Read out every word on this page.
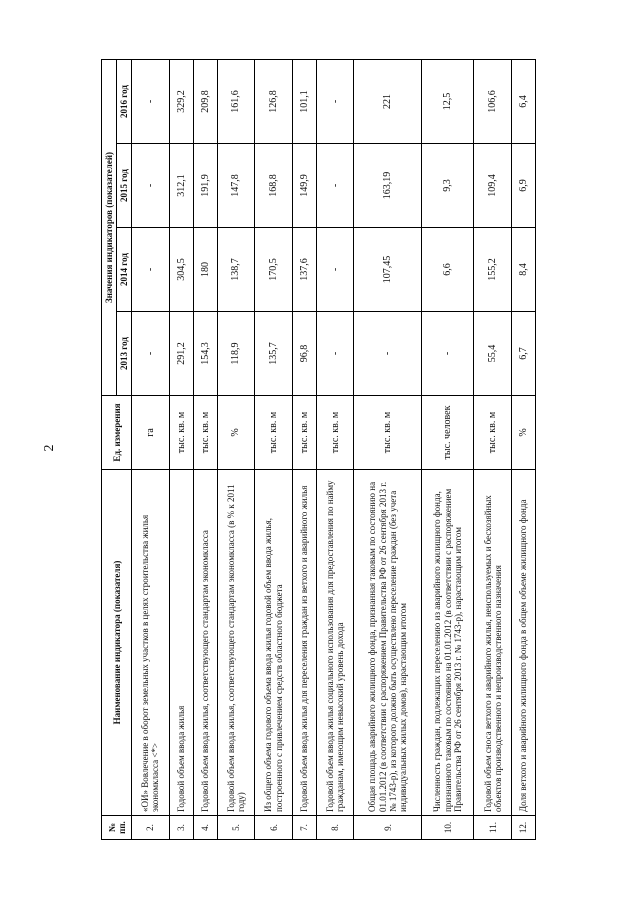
2
№ пп.	Наименование индикатора (показателя)	Ед. измерения	Значения индикаторов (показателей)			
			2013 год	2014 год	2015 год	2016 год
2.	«ОИ» Вовлечение в оборот земельных участков в целях строительства жилья экономкласса <*>	га	-	-	-	-
3.	Годовой объем ввода жилья	тыс. кв. м	291,2	304,5	312,1	329,2
4.	Годовой объем ввода жилья, соответствующего стандартам экономкласса	тыс. кв. м	154,3	180	191,9	209,8
5.	Годовой объем ввода жилья, соответствующего стандартам экономкласса (в % к 2011 году)	%	118,9	138,7	147,8	161,6
6.	Из общего объема годового объема ввода жилья годовой объем ввода жилья, построенного с привлечением средств областного бюджета	тыс. кв. м	135,7	170,5	168,8	126,8
7.	Годовой объем ввода жилья для переселения граждан из ветхого и аварийного жилья	тыс. кв. м	96,8	137,6	149,9	101,1
8.	Годовой объем ввода жилья социального использования для предоставления по найму гражданам, имеющим невысокий уровень дохода	тыс. кв. м	-	-	-	-
9.	Общая площадь аварийного жилищного фонда, признанная таковым по состоянию на 01.01.2012 (в соответствии с распоряжением Правительства РФ от 26 сентября 2013 г. № 1743-р), из которого должно быть осуществлено переселение граждан (без учета индивидуальных жилых домов), нарастающим итогом	тыс. кв. м	-	107,45	163,19	221
10.	Численность граждан, подлежащих переселению из аварийного жилищного фонда, признанного таковым по состоянию на 01.01.2012 (в соответствии с распоряжением Правительства РФ от 26 сентября 2013 г. № 1743-р), нарастающим итогом	тыс. человек	-	6,6	9,3	12,5
11.	Годовой объем сноса ветхого и аварийного жилья, неиспользуемых и бесхозяйных объектов производственного и непроизводственного назначения	тыс. кв. м	55,4	155,2	109,4	106,6
12.	Доля ветхого и аварийного жилищного фонда в общем объеме жилищного фонда	%	6,7	8,4	6,9	6,4
